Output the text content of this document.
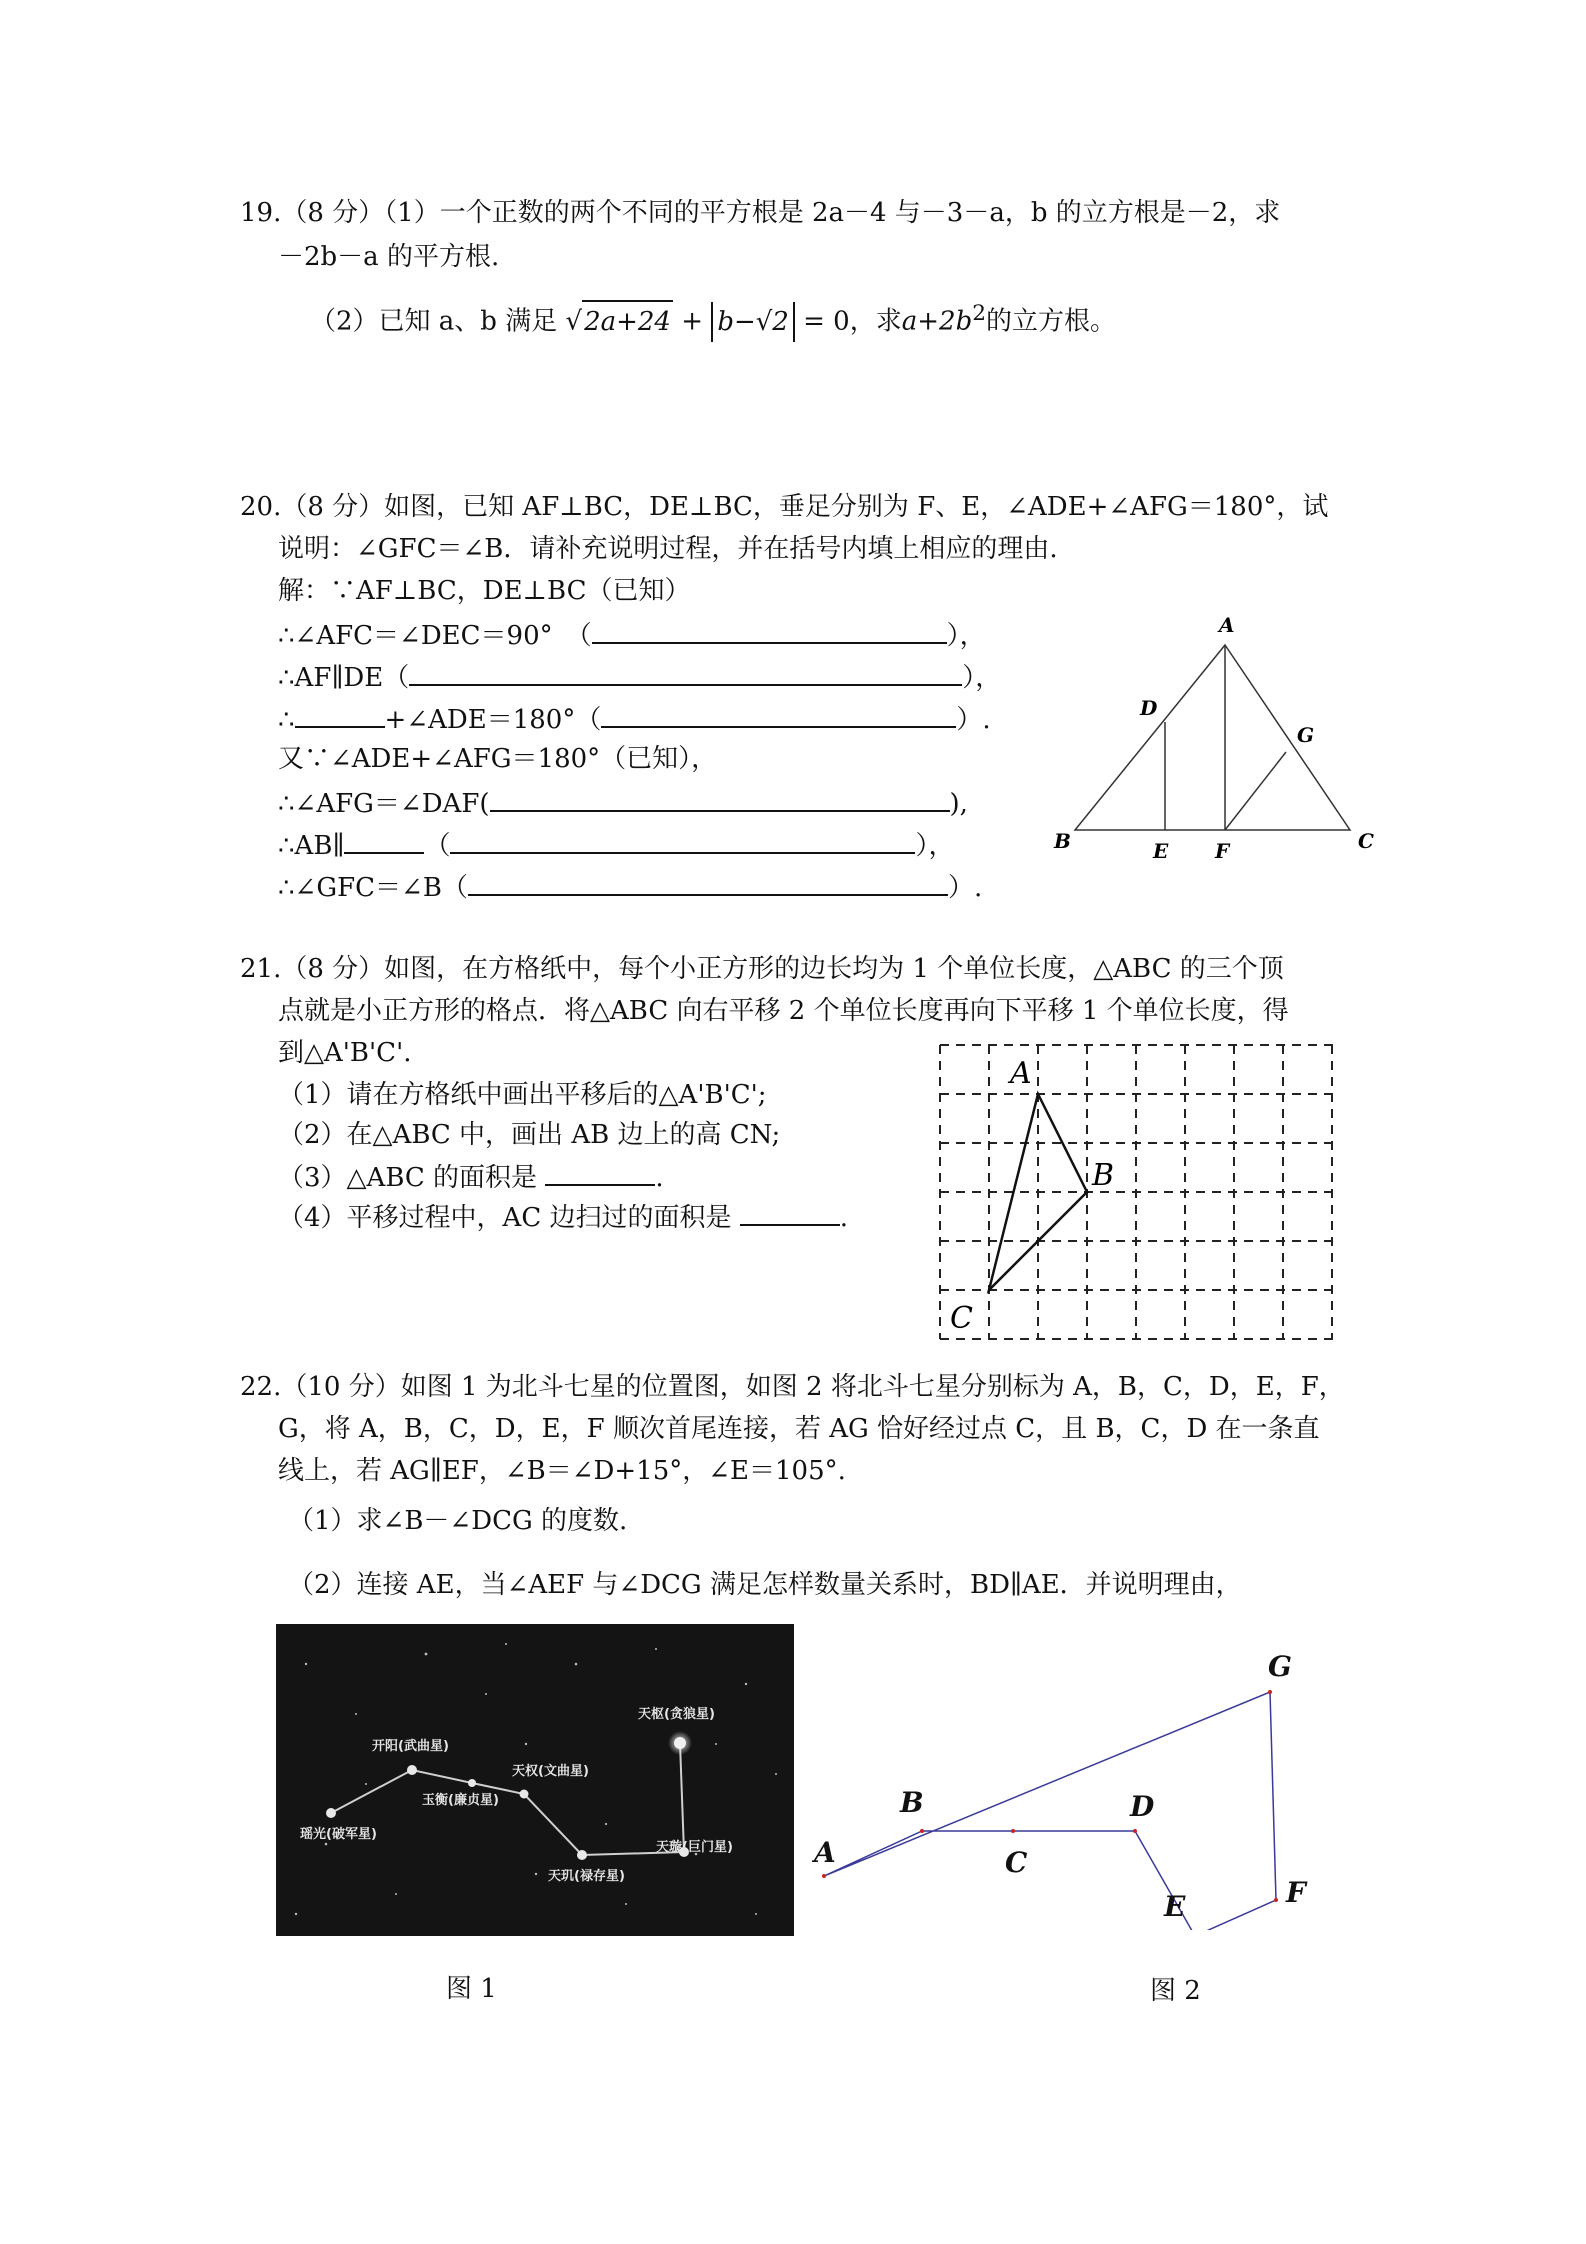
19.（8 分）（1）一个正数的两个不同的平方根是 2a－4 与－3－a，b 的立方根是－2，求
－2b－a 的平方根.
（2）已知 a、b 满足 √2a+24 + b−√2 = 0，求$a+2b^2$的立方根。
20.（8 分）如图，已知 AF⊥BC，DE⊥BC，垂足分别为 F、E，∠ADE+∠AFG＝180°，试
说明：∠GFC＝∠B．请补充说明过程，并在括号内填上相应的理由.
解：∵AF⊥BC，DE⊥BC（已知）
∴∠AFC＝∠DEC＝90°　（	），
∴AF∥DE（	），
∴	+∠ADE＝180°（	）.
又∵∠ADE+∠AFG＝180°（已知），
∴∠AFG＝∠DAF(	),
∴AB∥	（	），
∴∠GFC＝∠B（	）.
A
B	C
D
E F
G
21.（8 分）如图，在方格纸中，每个小正方形的边长均为 1 个单位长度，△ABC 的三个顶
点就是小正方形的格点．将△ABC 向右平移 2 个单位长度再向下平移 1 个单位长度，得
到△A'B'C'.
（1）请在方格纸中画出平移后的△A'B'C';
（2）在△ABC 中，画出 AB 边上的高 CN;
（3）△ABC 的面积是	.
（4）平移过程中，AC 边扫过的面积是	.
A
B
C
22.（10 分）如图 1 为北斗七星的位置图，如图 2 将北斗七星分别标为 A，B，C，D，E，F，
G，将 A，B，C，D，E，F 顺次首尾连接，若 AG 恰好经过点 C，且 B，C，D 在一条直
线上，若 AG∥EF，∠B＝∠D+15°，∠E＝105°.
（1）求∠B－∠DCG 的度数.
（2）连接 AE，当∠AEF 与∠DCG 满足怎样数量关系时，BD∥AE．并说明理由，
开阳(武曲星)
天权(文曲星)
玉衡(廉贞星)
天枢(贪狼星)
瑶光(破军星)
天璇(巨门星)
天玑(禄存星)
图 1
A
B
C
D
E	F
G
图 2
